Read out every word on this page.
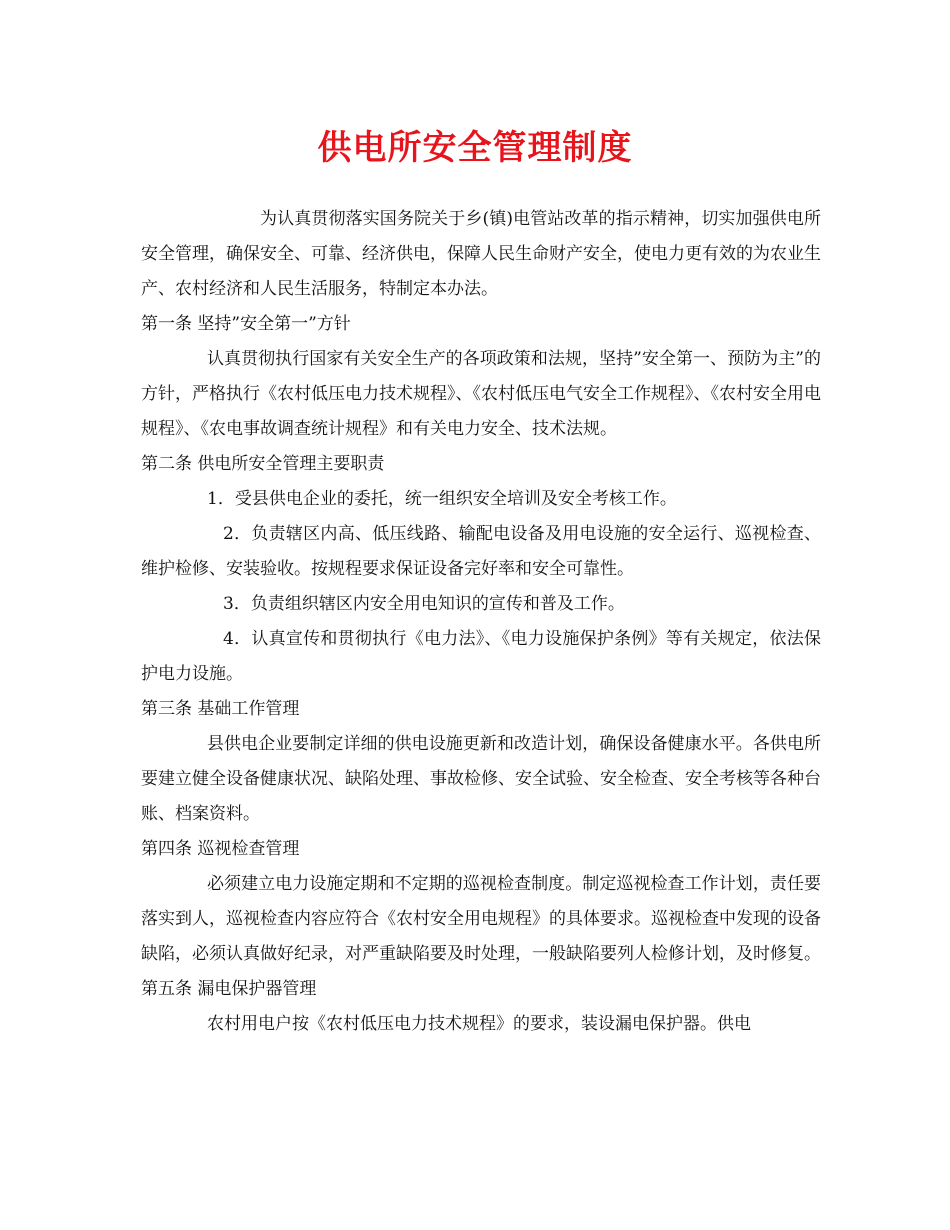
供电所安全管理制度

为认真贯彻落实国务院关于乡(镇)电管站改革的指示精神，切实加强供电所安全管理，确保安全、可靠、经济供电，保障人民生命财产安全，使电力更有效的为农业生产、农村经济和人民生活服务，特制定本办法。

第一条 坚持”安全第一”方针

认真贯彻执行国家有关安全生产的各项政策和法规，坚持”安全第一、预防为主”的方针，严格执行《农村低压电力技术规程》、《农村低压电气安全工作规程》、《农村安全用电规程》、《农电事故调查统计规程》和有关电力安全、技术法规。

第二条 供电所安全管理主要职责

1．受县供电企业的委托，统一组织安全培训及安全考核工作。

2．负责辖区内高、低压线路、输配电设备及用电设施的安全运行、巡视检查、维护检修、安装验收。按规程要求保证设备完好率和安全可靠性。

3．负责组织辖区内安全用电知识的宣传和普及工作。

4．认真宣传和贯彻执行《电力法》、《电力设施保护条例》等有关规定，依法保护电力设施。

第三条 基础工作管理

县供电企业要制定详细的供电设施更新和改造计划，确保设备健康水平。各供电所要建立健全设备健康状况、缺陷处理、事故检修、安全试验、安全检查、安全考核等各种台账、档案资料。

第四条 巡视检查管理

必须建立电力设施定期和不定期的巡视检查制度。制定巡视检查工作计划，责任要落实到人，巡视检查内容应符合《农村安全用电规程》的具体要求。巡视检查中发现的设备缺陷，必须认真做好纪录，对严重缺陷要及时处理，一般缺陷要列人检修计划，及时修复。

第五条 漏电保护器管理

农村用电户按《农村低压电力技术规程》的要求，装设漏电保护器。供电
